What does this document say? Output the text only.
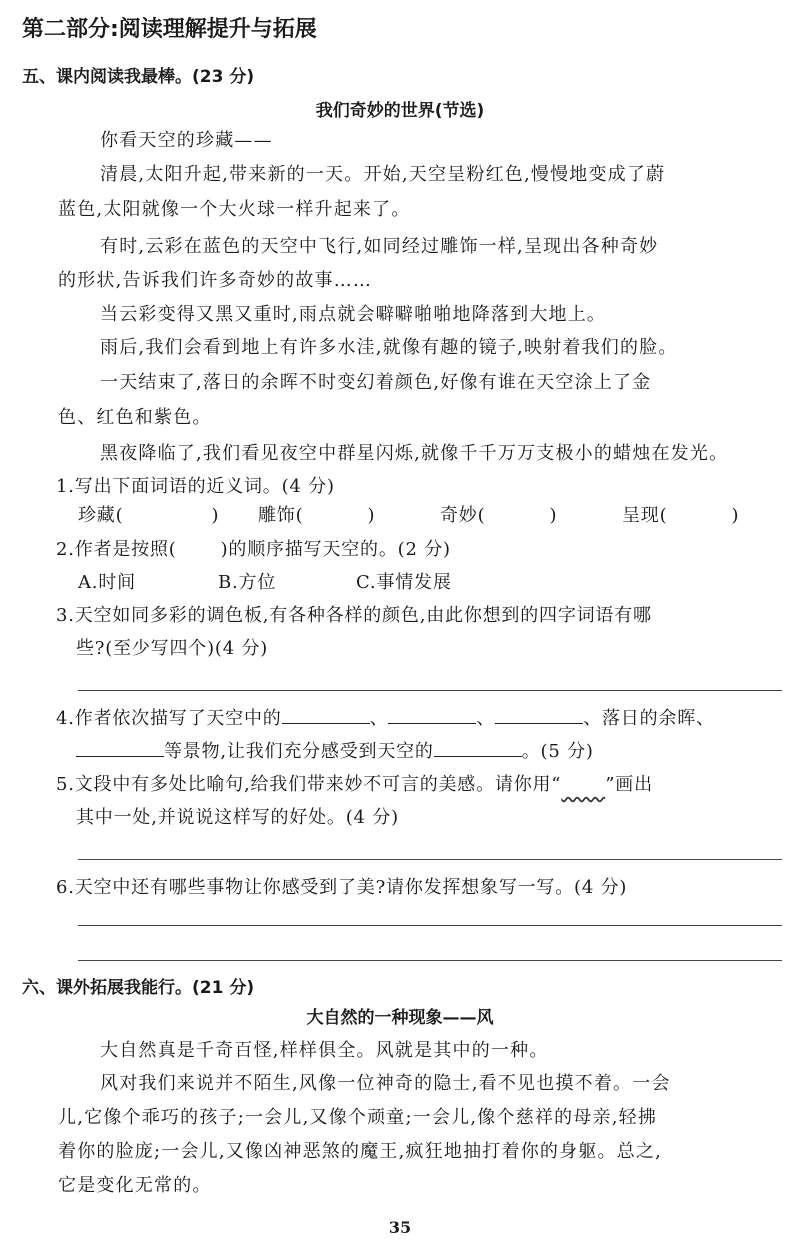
第二部分:阅读理解提升与拓展
五、课内阅读我最棒。(23 分)
我们奇妙的世界(节选)
你看天空的珍藏——
清晨,太阳升起,带来新的一天。开始,天空呈粉红色,慢慢地变成了蔚
蓝色,太阳就像一个大火球一样升起来了。
有时,云彩在蓝色的天空中飞行,如同经过雕饰一样,呈现出各种奇妙
的形状,告诉我们许多奇妙的故事……
当云彩变得又黑又重时,雨点就会噼噼啪啪地降落到大地上。
雨后,我们会看到地上有许多水洼,就像有趣的镜子,映射着我们的脸。
一天结束了,落日的余晖不时变幻着颜色,好像有谁在天空涂上了金
色、红色和紫色。
黑夜降临了,我们看见夜空中群星闪烁,就像千千万万支极小的蜡烛在发光。
1.写出下面词语的近义词。(4 分)
珍藏(	) 雕饰(	)	奇妙(	)	呈现(	)
2.作者是按照( )的顺序描写天空的。(2 分)
A.时间	B.方位	C.事情发展
3.天空如同多彩的调色板,有各种各样的颜色,由此你想到的四字词语有哪
些?(至少写四个)(4 分)
4.作者依次描写了天空中的	、	、	、落日的余晖、
等景物,让我们充分感受到天空的	。(5 分)
5.文段中有多处比喻句,给我们带来妙不可言的美感。请你用“ ”画出
其中一处,并说说这样写的好处。(4 分)
6.天空中还有哪些事物让你感受到了美?请你发挥想象写一写。(4 分)
六、课外拓展我能行。(21 分)
大自然的一种现象——风
大自然真是千奇百怪,样样俱全。风就是其中的一种。
风对我们来说并不陌生,风像一位神奇的隐士,看不见也摸不着。一会
儿,它像个乖巧的孩子;一会儿,又像个顽童;一会儿,像个慈祥的母亲,轻拂
着你的脸庞;一会儿,又像凶神恶煞的魔王,疯狂地抽打着你的身躯。总之,
它是变化无常的。
35
